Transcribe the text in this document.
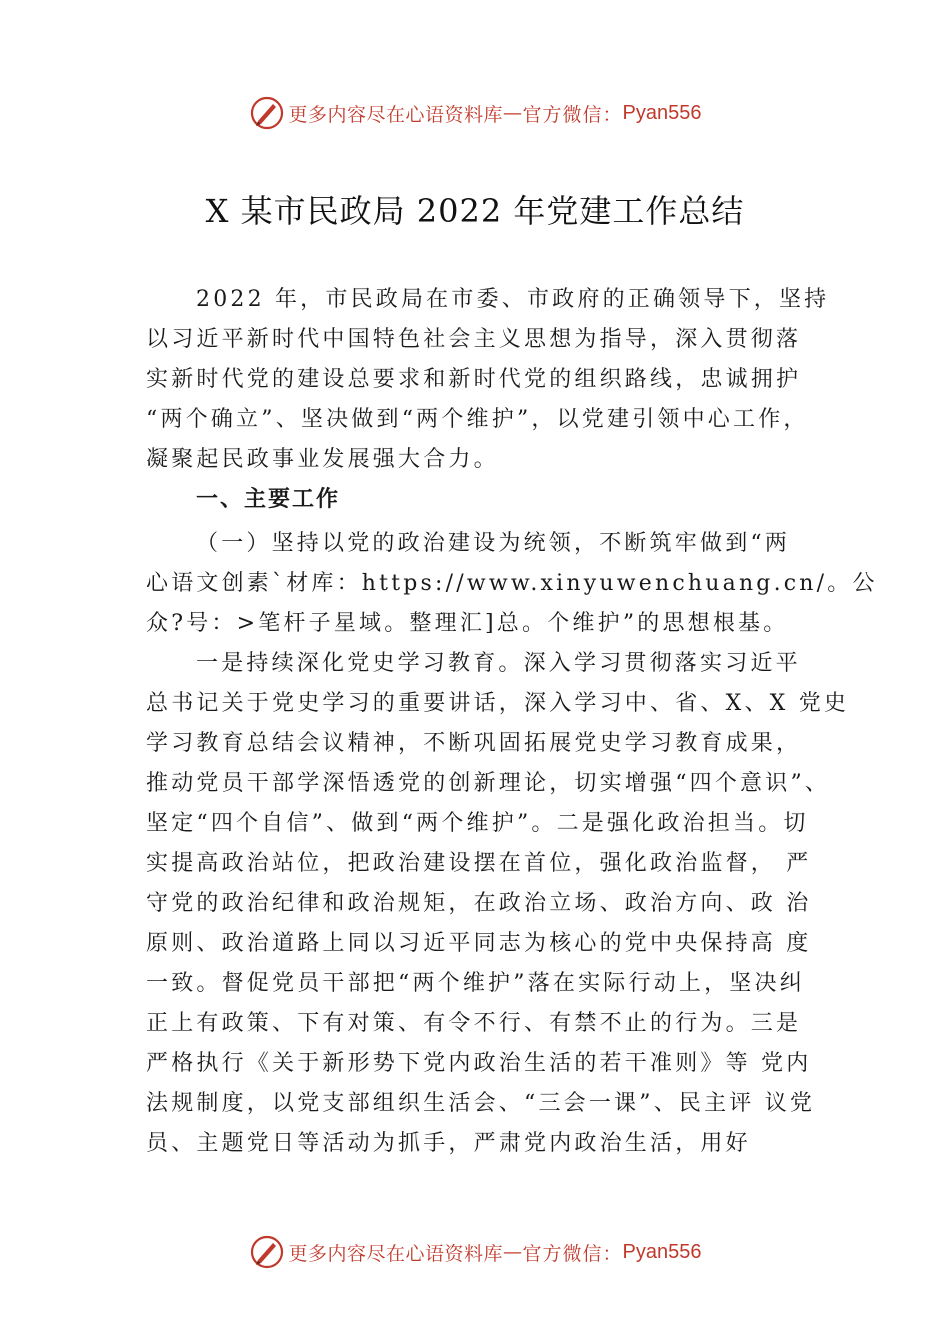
更多内容尽在心语资料库 — 官方微信： Pyan556
X 某市民政局 2022 年党建工作总结

2022 年，市民政局在市委、市政府的正确领导下，坚持
以习近平新时代中国特色社会主义思想为指导，深入贯彻落
实新时代党的建设总要求和新时代党的组织路线，忠诚拥护
“两个确立”、坚决做到“两个维护”，以党建引领中心工作，
凝聚起民政事业发展强大合力。

一、主要工作

（一）坚持以党的政治建设为统领，不断筑牢做到“两
心语文创素`材库：https://www.xinyuwenchuang.cn/。公
众?号：>笔杆子星域。整理汇]总。个维护”的思想根基。

一是持续深化党史学习教育。深入学习贯彻落实习近平
总书记关于党史学习的重要讲话，深入学习中、省、X、X 党史
学习教育总结会议精神，不断巩固拓展党史学习教育成果，
推动党员干部学深悟透党的创新理论，切实增强“四个意识”、
坚定“四个自信”、做到“两个维护”。二是强化政治担当。切
实提高政治站位，把政治建设摆在首位，强化政治监督， 严
守党的政治纪律和政治规矩，在政治立场、政治方向、政 治
原则、政治道路上同以习近平同志为核心的党中央保持高 度
一致。督促党员干部把“两个维护”落在实际行动上，坚决纠
正上有政策、下有对策、有令不行、有禁不止的行为。三是
严格执行《关于新形势下党内政治生活的若干准则》等 党内
法规制度，以党支部组织生活会、“三会一课”、民主评 议党
员、主题党日等活动为抓手，严肃党内政治生活，用好

更多内容尽在心语资料库 — 官方微信： Pyan556
